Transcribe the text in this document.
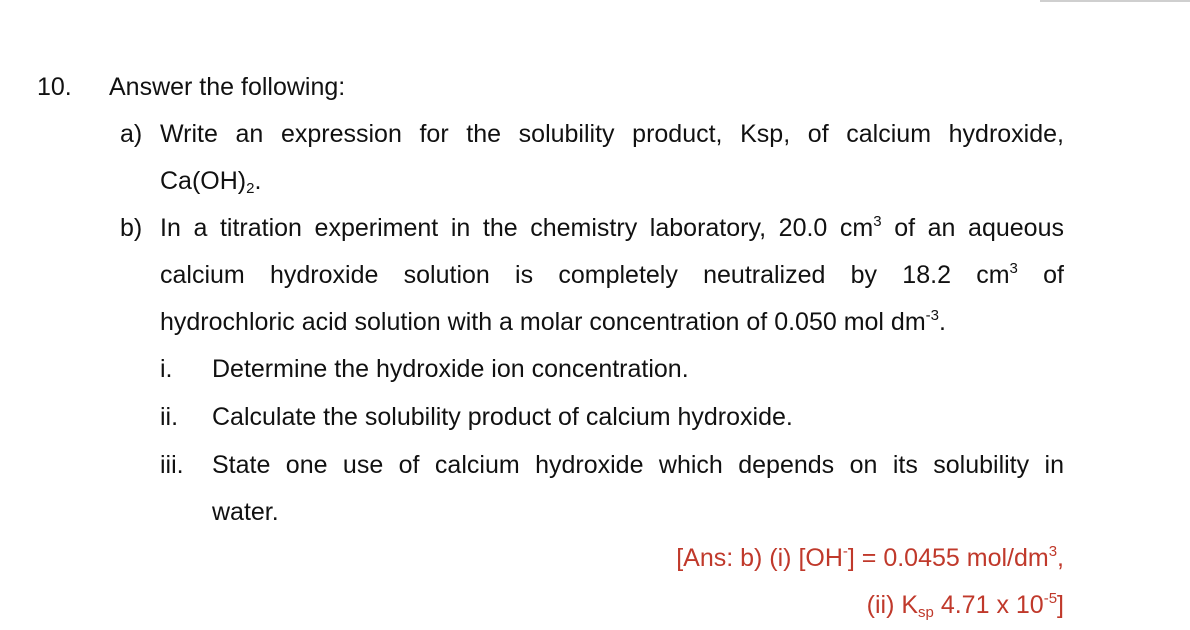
10. Answer the following:
a) Write an expression for the solubility product, Ksp, of calcium hydroxide,
$Ca(OH)_2$.
b) In a titration experiment in the chemistry laboratory, 20.0 $cm^3$ of an aqueous
calcium hydroxide solution is completely neutralized by 18.2 $cm^3$ of
hydrochloric acid solution with a molar concentration of 0.050 mol $dm^{-3}$.
i. Determine the hydroxide ion concentration.
ii. Calculate the solubility product of calcium hydroxide.
iii. State one use of calcium hydroxide which depends on its solubility in
water.
[Ans: b) (i) [OH-] = 0.0455 mol/$dm^3$,
(ii) $K_{sp}$ 4.71 x $10^{-5}$]
